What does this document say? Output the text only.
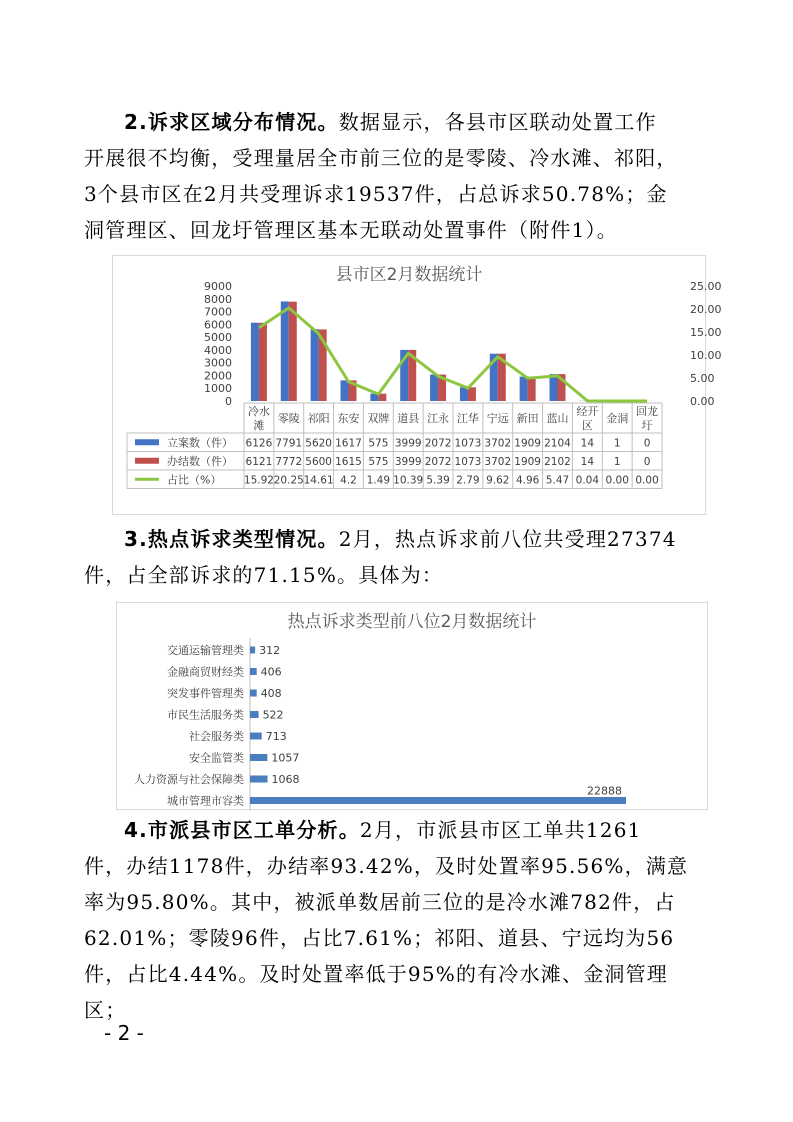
2.诉求区域分布情况。数据显示，各县市区联动处置工作

开展很不均衡，受理量居全市前三位的是零陵、冷水滩、祁阳，

3个县市区在2月共受理诉求19537件，占总诉求50.78%；金

洞管理区、回龙圩管理区基本无联动处置事件（附件1）。

县市区2月数据统计
0
1000
2000
3000
4000
5000
6000
7000
8000
9000
0.00
5.00
10.00
15.00
20.00
25.00
冷水
滩
零陵 祁阳 东安 双牌 道县 江永 江华 宁远 新田 蓝山
经开
区
金洞
回龙
圩
立案数（件） 6126 7791 5620 1617 575 3999 2072 1073 3702 1909 2104 14 1 0
办结数（件） 6121 7772 5600 1615 575 3999 2072 1073 3702 1909 2102 14 1 0
占比（%） 15.92 20.25 14.61 4.2 1.49 10.39 5.39 2.79 9.62 4.96 5.47 0.04 0.00 0.00

3.热点诉求类型情况。2月，热点诉求前八位共受理27374

件，占全部诉求的71.15%。具体为：

热点诉求类型前八位2月数据统计
交通运输管理类 312
金融商贸财经类 406
突发事件管理类 408
市民生活服务类 522
社会服务类 713
安全监管类 1057
人力资源与社会保障类	1068
城市管理市容类
22888

4.市派县市区工单分析。2月，市派县市区工单共1261

件，办结1178件，办结率93.42%，及时处置率95.56%，满意

率为95.80%。其中，被派单数居前三位的是冷水滩782件，占

62.01%；零陵96件，占比7.61%；祁阳、道县、宁远均为56

件，占比4.44%。及时处置率低于95%的有冷水滩、金洞管理区；

- 2 -
